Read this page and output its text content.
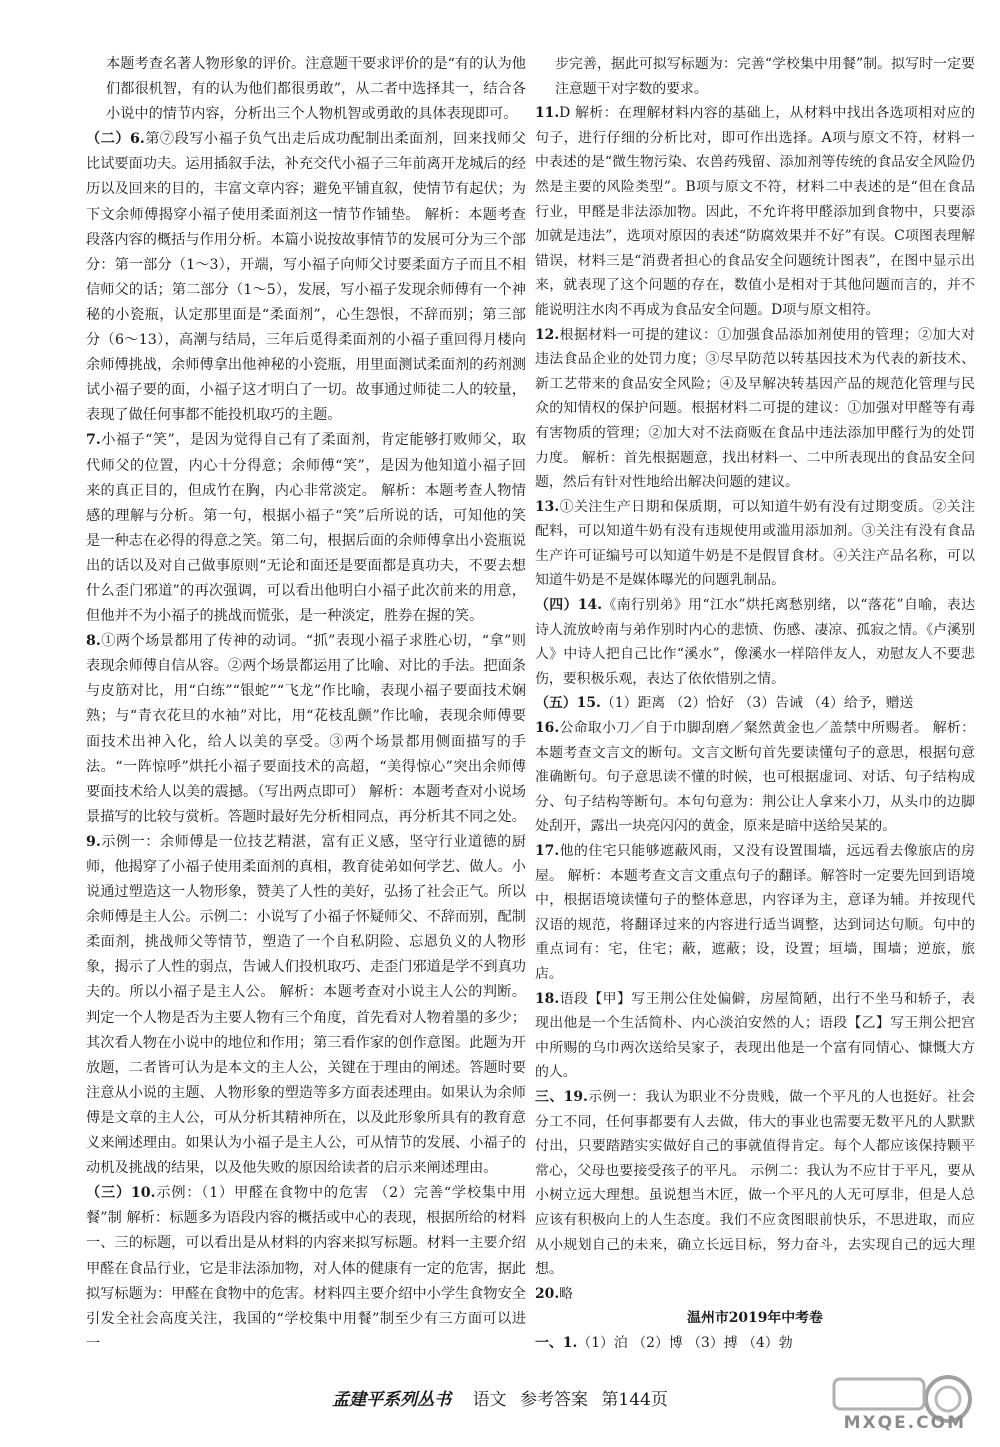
本题考查名著人物形象的评价。注意题干要求评价的是“有的认为他们都很机智，有的认为他们都很勇敢”，从二者中选择其一，结合各小说中的情节内容，分析出三个人物机智或勇敢的具体表现即可。

（二）6.第⑦段写小福子负气出走后成功配制出柔面剂，回来找师父比试要面功夫。运用插叙手法，补充交代小福子三年前离开龙城后的经历以及回来的目的，丰富文章内容；避免平铺直叙，使情节有起伏；为下文余师傅揭穿小福子使用柔面剂这一情节作铺垫。 解析：本题考查段落内容的概括与作用分析。本篇小说按故事情节的发展可分为三个部分：第一部分（1～3），开端，写小福子向师父讨要柔面方子而且不相信师父的话；第二部分（1～5），发展，写小福子发现余师傅有一个神秘的小瓷瓶，认定那里面是“柔面剂”，心生怨恨，不辞而别；第三部分（6～13），高潮与结局，三年后觅得柔面剂的小福子重回得月楼向余师傅挑战，余师傅拿出他神秘的小瓷瓶，用里面测试柔面剂的药剂测试小福子要的面，小福子这才明白了一切。故事通过师徒二人的较量，表现了做任何事都不能投机取巧的主题。

7.小福子“笑”，是因为觉得自己有了柔面剂，肯定能够打败师父，取代师父的位置，内心十分得意；余师傅“笑”，是因为他知道小福子回来的真正目的，但成竹在胸，内心非常淡定。 解析：本题考查人物情感的理解与分析。第一句，根据小福子“笑”后所说的话，可知他的笑是一种志在必得的得意之笑。第二句，根据后面的余师傅拿出小瓷瓶说出的话以及对自己做事原则“无论和面还是要面都是真功夫，不要去想什么歪门邪道”的再次强调，可以看出他明白小福子此次前来的用意，但他并不为小福子的挑战而慌张，是一种淡定，胜券在握的笑。

8.①两个场景都用了传神的动词。“抓”表现小福子求胜心切，“拿”则表现余师傅自信从容。②两个场景都运用了比喻、对比的手法。把面条与皮筋对比，用“白练”“银蛇”“飞龙”作比喻，表现小福子要面技术娴熟；与“青衣花旦的水袖”对比，用“花枝乱颤”作比喻，表现余师傅要面技术出神入化，给人以美的享受。③两个场景都用侧面描写的手法。“一阵惊呼”烘托小福子要面技术的高超，“美得惊心”突出余师傅要面技术给人以美的震撼。（写出两点即可） 解析：本题考查对小说场景描写的比较与赏析。答题时最好先分析相同点，再分析其不同之处。

9.示例一：余师傅是一位技艺精湛，富有正义感，坚守行业道德的厨师，他揭穿了小福子使用柔面剂的真相，教育徒弟如何学艺、做人。小说通过塑造这一人物形象，赞美了人性的美好，弘扬了社会正气。所以余师傅是主人公。示例二：小说写了小福子怀疑师父、不辞而别，配制柔面剂，挑战师父等情节，塑造了一个自私阴险、忘恩负义的人物形象，揭示了人性的弱点，告诫人们投机取巧、走歪门邪道是学不到真功夫的。所以小福子是主人公。 解析：本题考查对小说主人公的判断。判定一个人物是否为主要人物有三个角度，首先看对人物着墨的多少；其次看人物在小说中的地位和作用；第三看作家的创作意图。此题为开放题，二者皆可认为是本文的主人公，关键在于理由的阐述。答题时要注意从小说的主题、人物形象的塑造等多方面表述理由。如果认为余师傅是文章的主人公，可从分析其精神所在，以及此形象所具有的教育意义来阐述理由。如果认为小福子是主人公，可从情节的发展、小福子的动机及挑战的结果，以及他失败的原因给读者的启示来阐述理由。

（三）10.示例：（1）甲醛在食物中的危害 （2）完善“学校集中用餐”制 解析：标题多为语段内容的概括或中心的表现，根据所给的材料一、三的标题，可以看出是从材料的内容来拟写标题。材料一主要介绍甲醛在食品行业，它是非法添加物，对人体的健康有一定的危害，据此拟写标题为：甲醛在食物中的危害。材料四主要介绍中小学生食物安全引发全社会高度关注，我国的“学校集中用餐”制至少有三方面可以进一

步完善，据此可拟写标题为：完善“学校集中用餐”制。拟写时一定要注意题干对字数的要求。

11.D 解析：在理解材料内容的基础上，从材料中找出各选项相对应的句子，进行仔细的分析比对，即可作出选择。A项与原文不符，材料一中表述的是“微生物污染、农兽药残留、添加剂等传统的食品安全风险仍然是主要的风险类型”。B项与原文不符，材料二中表述的是“但在食品行业，甲醛是非法添加物。因此，不允许将甲醛添加到食物中，只要添加就是违法”，选项对原因的表述“防腐效果并不好”有误。C项图表理解错误，材料三是“消费者担心的食品安全问题统计图表”，在图中显示出来，就表现了这个问题的存在，数值小是相对于其他问题而言的，并不能说明注水肉不再成为食品安全问题。D项与原文相符。

12.根据材料一可提的建议：①加强食品添加剂使用的管理；②加大对违法食品企业的处罚力度；③尽早防范以转基因技术为代表的新技术、新工艺带来的食品安全风险；④及早解决转基因产品的规范化管理与民众的知情权的保护问题。根据材料二可提的建议：①加强对甲醛等有毒有害物质的管理；②加大对不法商贩在食品中违法添加甲醛行为的处罚力度。 解析：首先根据题意，找出材料一、二中所表现出的食品安全问题，然后有针对性地给出解决问题的建议。

13.①关注生产日期和保质期，可以知道牛奶有没有过期变质。②关注配料，可以知道牛奶有没有违规使用或滥用添加剂。③关注有没有食品生产许可证编号可以知道牛奶是不是假冒食材。④关注产品名称，可以知道牛奶是不是媒体曝光的问题乳制品。

（四）14.《南行别弟》用“江水”烘托离愁别绪，以“落花”自喻，表达诗人流放岭南与弟作别时内心的悲愤、伤感、凄凉、孤寂之情。《卢溪别人》中诗人把自己比作“溪水”，像溪水一样陪伴友人，劝慰友人不要悲伤，要积极乐观，表达了依依惜别之情。

（五）15.（1）距离 （2）恰好 （3）告诫 （4）给予，赠送

16.公命取小刀／自于巾脚刮磨／粲然黄金也／盖禁中所赐者。 解析：本题考查文言文的断句。文言文断句首先要读懂句子的意思，根据句意准确断句。句子意思读不懂的时候，也可根据虚词、对话、句子结构成分、句子结构等断句。本句句意为：荆公让人拿来小刀，从头巾的边脚处刮开，露出一块亮闪闪的黄金，原来是暗中送给吴某的。

17.他的住宅只能够遮蔽风雨，又没有设置围墙，远远看去像旅店的房屋。 解析：本题考查文言文重点句子的翻译。解答时一定要先回到语境中，根据语境读懂句子的整体意思，内容译为主，意译为辅。并按现代汉语的规范，将翻译过来的内容进行适当调整，达到词达句顺。句中的重点词有：宅，住宅；蔽，遮蔽；设，设置；垣墙，围墙；逆旅，旅店。

18.语段【甲】写王荆公住处偏僻，房屋简陋，出行不坐马和轿子，表现出他是一个生活简朴、内心淡泊安然的人；语段【乙】写王荆公把宫中所赐的乌巾两次送给吴家子，表现出他是一个富有同情心、慷慨大方的人。

三、19.示例一：我认为职业不分贵贱，做一个平凡的人也挺好。社会分工不同，任何事都要有人去做，伟大的事业也需要无数平凡的人默默付出，只要踏踏实实做好自己的事就值得肯定。每个人都应该保持颗平常心，父母也要接受孩子的平凡。 示例二：我认为不应甘于平凡，要从小树立远大理想。虽说想当木匠，做一个平凡的人无可厚非，但是人总应该有积极向上的人生态度。我们不应贪图眼前快乐，不思进取，而应从小规划自己的未来，确立长远目标，努力奋斗，去实现自己的远大理想。

20.略

温州市2019年中考卷

一、1.（1）泊 （2）博 （3）搏 （4）勃

孟建平系列丛书 语文 参考答案 第144页
MXQE.COM
